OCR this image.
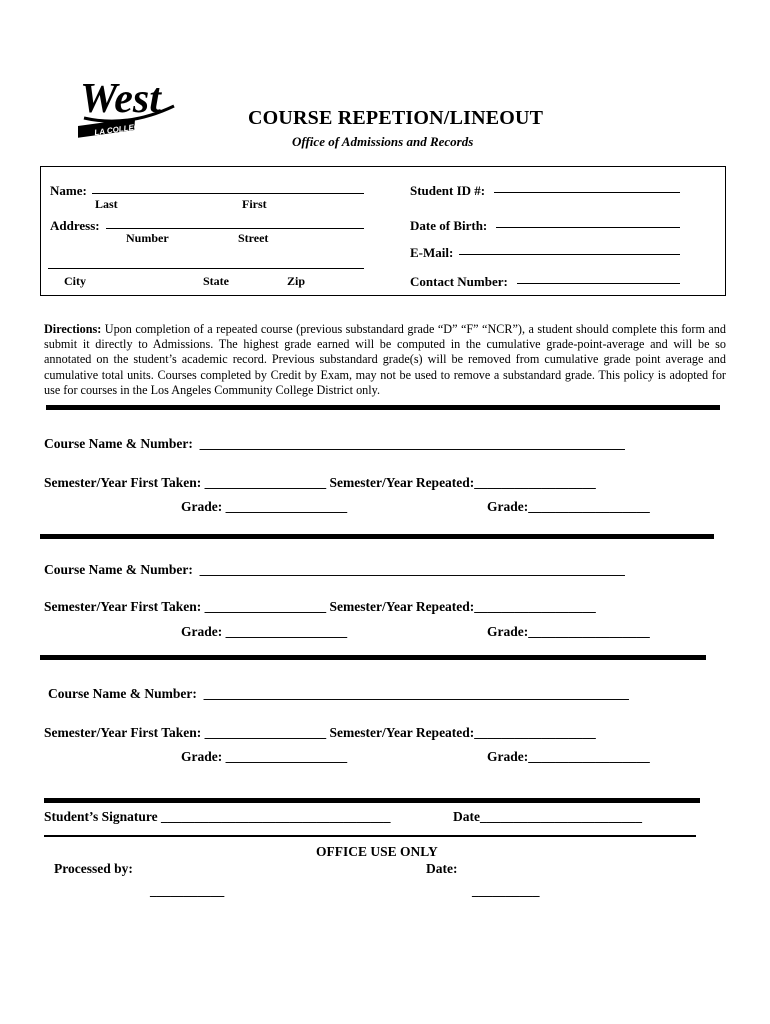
West
LA COLLEGE
COURSE REPETION/LINEOUT
Office of Admissions and Records
Name:
Last	First
Address:
Number	Street
City	State	Zip
Student ID #:
Date of Birth:
E-Mail:
Contact Number:
Directions: Upon completion of a repeated course (previous substandard grade “D” “F” “NCR”), a student should complete this form and submit it directly to Admissions. The highest grade earned will be computed in the cumulative grade-point-average and will be so annotated on the student’s academic record. Previous substandard grade(s) will be removed from cumulative grade point average and cumulative total units. Courses completed by Credit by Exam, may not be used to remove a substandard grade. This policy is adopted for use for courses in the Los Angeles Community College District only.
Course Name & Number:  _______________________________________________________________
Semester/Year First Taken: __________________ Semester/Year Repeated:__________________
Grade: __________________	Grade:__________________
Course Name & Number:  _______________________________________________________________
Semester/Year First Taken: __________________ Semester/Year Repeated:__________________
Grade: __________________	Grade:__________________
Course Name & Number:  _______________________________________________________________
Semester/Year First Taken: __________________ Semester/Year Repeated:__________________
Grade: __________________	Grade:__________________
Student’s Signature __________________________________	Date________________________
OFFICE USE ONLY
Processed by:	Date:
___________	__________
